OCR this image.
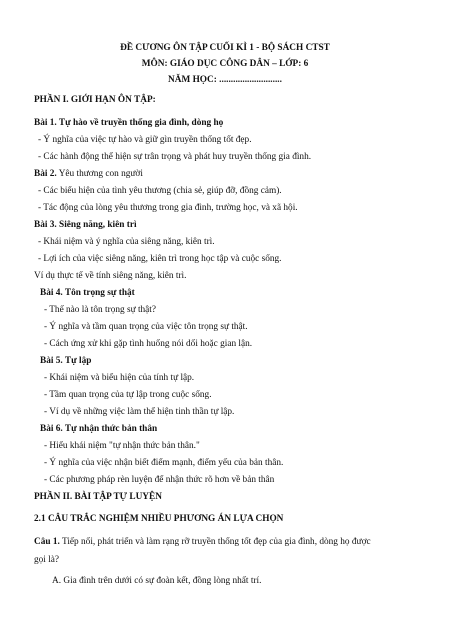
ĐỀ CƯƠNG ÔN TẬP CUỐI KÌ 1 - BỘ SÁCH CTST
MÔN: GIÁO DỤC CÔNG DÂN – LỚP: 6
NĂM HỌC: ...........................
PHẦN I. GIỚI HẠN ÔN TẬP:
Bài 1. Tự hào về truyền thống gia đình, dòng họ
- Ý nghĩa của việc tự hào và giữ gìn truyền thống tốt đẹp.
- Các hành động thể hiện sự trân trọng và phát huy truyền thống gia đình.
Bài 2. Yêu thương con người
- Các biểu hiện của tình yêu thương (chia sẻ, giúp đỡ, đồng cảm).
- Tác động của lòng yêu thương trong gia đình, trường học, và xã hội.
Bài 3. Siêng năng, kiên trì
- Khái niệm và ý nghĩa của siêng năng, kiên trì.
- Lợi ích của việc siêng năng, kiên trì trong học tập và cuộc sống.
Ví dụ thực tế về tính siêng năng, kiên trì.
Bài 4. Tôn trọng sự thật
- Thế nào là tôn trọng sự thật?
- Ý nghĩa và tầm quan trọng của việc tôn trọng sự thật.
- Cách ứng xử khi gặp tình huống nói dối hoặc gian lận.
Bài 5. Tự lập
- Khái niệm và biểu hiện của tính tự lập.
- Tầm quan trọng của tự lập trong cuộc sống.
- Ví dụ về những việc làm thể hiện tinh thần tự lập.
Bài 6. Tự nhận thức bản thân
- Hiểu khái niệm "tự nhận thức bản thân."
- Ý nghĩa của việc nhận biết điểm mạnh, điểm yếu của bản thân.
- Các phương pháp rèn luyện để nhận thức rõ hơn về bản thân
PHẦN II. BÀI TẬP TỰ LUYỆN
2.1 CÂU TRẮC NGHIỆM NHIỀU PHƯƠNG ÁN LỰA CHỌN
Câu 1. Tiếp nối, phát triển và làm rạng rỡ truyền thống tốt đẹp của gia đình, dòng họ được
gọi là?
A. Gia đình trên dưới có sự đoàn kết, đồng lòng nhất trí.
